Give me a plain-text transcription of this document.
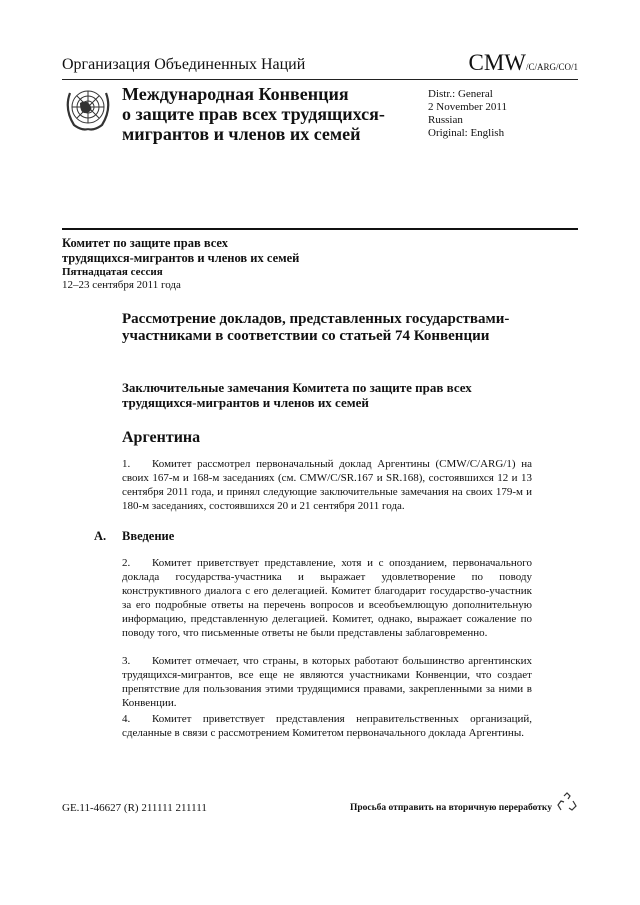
Организация Объединенных Наций	CMW/C/ARG/CO/1
Международная Конвенция
о защите прав всех трудящихся-
мигрантов и членов их семей
Distr.: General
2 November 2011
Russian
Original: English
Комитет по защите прав всех
трудящихся-мигрантов и членов их семей
Пятнадцатая сессия
12–23 сентября 2011 года
Рассмотрение докладов, представленных государствами-участниками в соответствии со статьей 74 Конвенции
Заключительные замечания Комитета по защите прав всех трудящихся-мигрантов и членов их семей
Аргентина
1. Комитет рассмотрел первоначальный доклад Аргентины (CMW/C/ARG/1) на своих 167-м и 168-м заседаниях (см. CMW/C/SR.167 и SR.168), состоявшихся 12 и 13 сентября 2011 года, и принял следующие заключительные замечания на своих 179-м и 180-м заседаниях, состоявшихся 20 и 21 сентября 2011 года.
A. Введение
2. Комитет приветствует представление, хотя и с опозданием, первоначального доклада государства-участника и выражает удовлетворение по поводу конструктивного диалога с его делегацией. Комитет благодарит государство-участник за его подробные ответы на перечень вопросов и всеобъемлющую дополнительную информацию, представленную делегацией. Комитет, однако, выражает сожаление по поводу того, что письменные ответы не были представлены заблаговременно.
3. Комитет отмечает, что страны, в которых работают большинство аргентинских трудящихся-мигрантов, все еще не являются участниками Конвенции, что создает препятствие для пользования этими трудящимися правами, закрепленными за ними в Конвенции.
4. Комитет приветствует представления неправительственных организаций, сделанные в связи с рассмотрением Комитетом первоначального доклада Аргентины.
GE.11-46627 (R) 211111 211111	Просьба отправить на вторичную переработку
